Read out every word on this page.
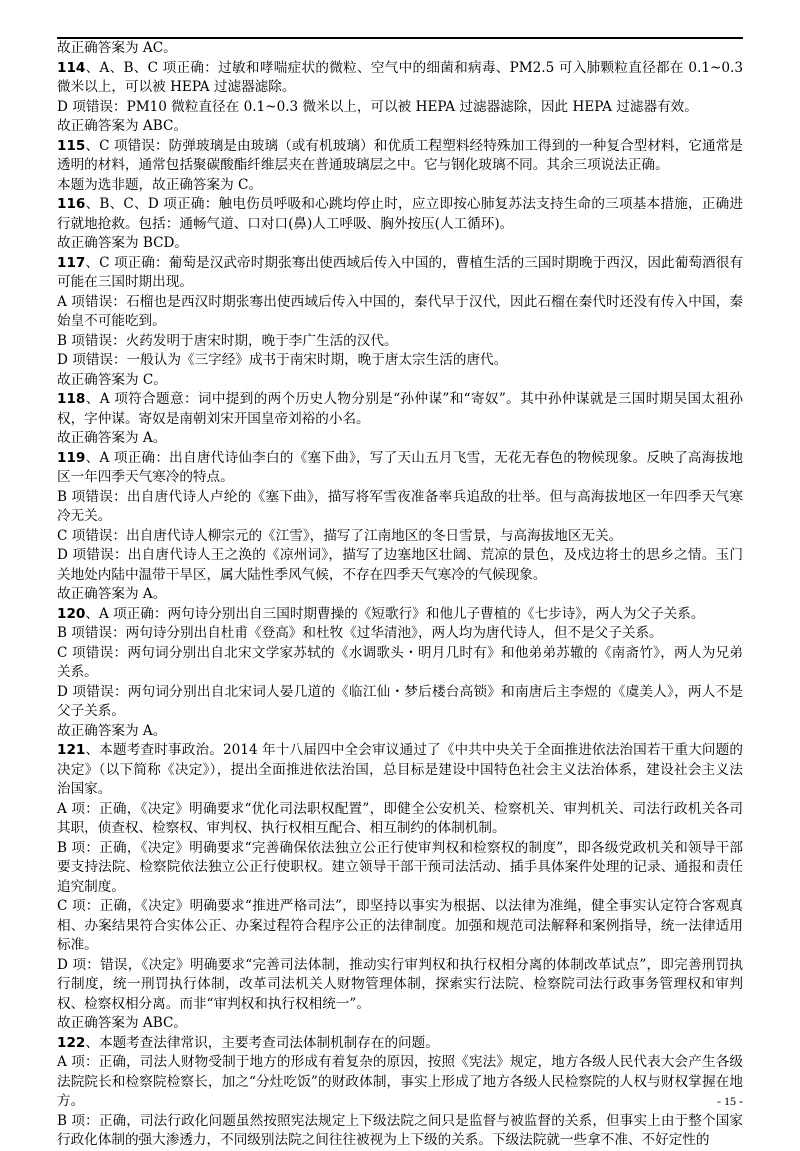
故正确答案为 AC。

114、A、B、C 项正确：过敏和哮喘症状的微粒、空气中的细菌和病毒、PM2.5 可入肺颗粒直径都在 0.1~0.3 微米以上，可以被 HEPA 过滤器滤除。

D 项错误：PM10 微粒直径在 0.1~0.3 微米以上，可以被 HEPA 过滤器滤除，因此 HEPA 过滤器有效。

故正确答案为 ABC。

115、C 项错误：防弹玻璃是由玻璃（或有机玻璃）和优质工程塑料经特殊加工得到的一种复合型材料，它通常是透明的材料，通常包括聚碳酸酯纤维层夹在普通玻璃层之中。它与钢化玻璃不同。其余三项说法正确。

本题为选非题，故正确答案为 C。

116、B、C、D 项正确：触电伤员呼吸和心跳均停止时，应立即按心肺复苏法支持生命的三项基本措施，正确进行就地抢救。包括：通畅气道、口对口(鼻)人工呼吸、胸外按压(人工循环)。

故正确答案为 BCD。

117、C 项正确：葡萄是汉武帝时期张骞出使西域后传入中国的，曹植生活的三国时期晚于西汉，因此葡萄酒很有可能在三国时期出现。

A 项错误：石榴也是西汉时期张骞出使西域后传入中国的，秦代早于汉代，因此石榴在秦代时还没有传入中国，秦始皇不可能吃到。

B 项错误：火药发明于唐宋时期，晚于李广生活的汉代。

D 项错误：一般认为《三字经》成书于南宋时期，晚于唐太宗生活的唐代。

故正确答案为 C。

118、A 项符合题意：词中提到的两个历史人物分别是“孙仲谋”和“寄奴”。其中孙仲谋就是三国时期吴国太祖孙权，字仲谋。寄奴是南朝刘宋开国皇帝刘裕的小名。

故正确答案为 A。

119、A 项正确：出自唐代诗仙李白的《塞下曲》，写了天山五月飞雪，无花无春色的物候现象。反映了高海拔地区一年四季天气寒冷的特点。

B 项错误：出自唐代诗人卢纶的《塞下曲》，描写将军雪夜准备率兵追敌的壮举。但与高海拔地区一年四季天气寒冷无关。

C 项错误：出自唐代诗人柳宗元的《江雪》，描写了江南地区的冬日雪景，与高海拔地区无关。

D 项错误：出自唐代诗人王之涣的《凉州词》，描写了边塞地区壮阔、荒凉的景色，及戍边将士的思乡之情。玉门关地处内陆中温带干旱区，属大陆性季风气候，不存在四季天气寒冷的气候现象。

故正确答案为 A。

120、A 项正确：两句诗分别出自三国时期曹操的《短歌行》和他儿子曹植的《七步诗》，两人为父子关系。

B 项错误：两句诗分别出自杜甫《登高》和杜牧《过华清池》，两人均为唐代诗人，但不是父子关系。

C 项错误：两句词分别出自北宋文学家苏轼的《水调歌头・明月几时有》和他弟弟苏辙的《南斋竹》，两人为兄弟关系。

D 项错误：两句词分别出自北宋词人晏几道的《临江仙・梦后楼台高锁》和南唐后主李煜的《虞美人》，两人不是父子关系。

故正确答案为 A。

121、本题考查时事政治。2014 年十八届四中全会审议通过了《中共中央关于全面推进依法治国若干重大问题的决定》（以下简称《决定》），提出全面推进依法治国，总目标是建设中国特色社会主义法治体系，建设社会主义法治国家。

A 项：正确，《决定》明确要求“优化司法职权配置”，即健全公安机关、检察机关、审判机关、司法行政机关各司其职，侦查权、检察权、审判权、执行权相互配合、相互制约的体制机制。

B 项：正确，《决定》明确要求“完善确保依法独立公正行使审判权和检察权的制度”，即各级党政机关和领导干部要支持法院、检察院依法独立公正行使职权。建立领导干部干预司法活动、插手具体案件处理的记录、通报和责任追究制度。

C 项：正确，《决定》明确要求“推进严格司法”，即坚持以事实为根据、以法律为准绳，健全事实认定符合客观真相、办案结果符合实体公正、办案过程符合程序公正的法律制度。加强和规范司法解释和案例指导，统一法律适用标准。

D 项：错误，《决定》明确要求“完善司法体制，推动实行审判权和执行权相分离的体制改革试点”，即完善刑罚执行制度，统一刑罚执行体制，改革司法机关人财物管理体制，探索实行法院、检察院司法行政事务管理权和审判权、检察权相分离。而非“审判权和执行权相统一”。

故正确答案为 ABC。

122、本题考查法律常识，主要考查司法体制机制存在的问题。

A 项：正确，司法人财物受制于地方的形成有着复杂的原因，按照《宪法》规定，地方各级人民代表大会产生各级法院院长和检察院检察长，加之“分灶吃饭”的财政体制，事实上形成了地方各级人民检察院的人权与财权掌握在地方。

B 项：正确，司法行政化问题虽然按照宪法规定上下级法院之间只是监督与被监督的关系，但事实上由于整个国家行政化体制的强大渗透力，不同级别法院之间往往被视为上下级的关系。下级法院就一些拿不准、不好定性的

- 15 -
